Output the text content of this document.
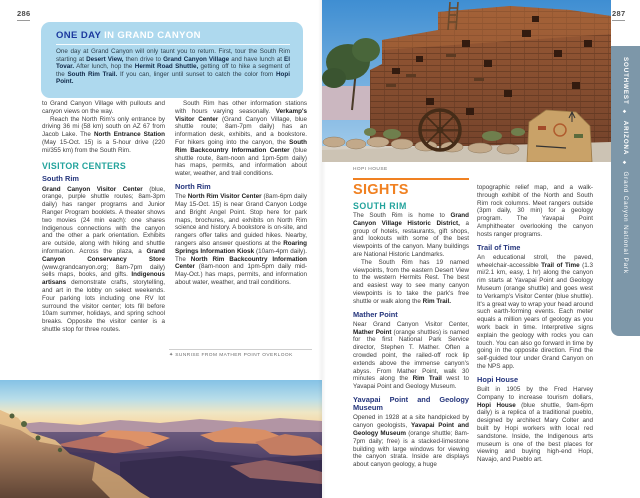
286
ONE DAY IN GRAND CANYON
One day at Grand Canyon will only taunt you to return. First, tour the South Rim starting at Desert View, then drive to Grand Canyon Village and have lunch at El Tovar. After lunch, hop the Hermit Road Shuttle, getting off to hike a segment of the South Rim Trail. If you can, linger until sunset to catch the color from Hopi Point.

to Grand Canyon Village with pullouts and canyon views on the way.

Reach the North Rim's only entrance by driving 36 mi (58 km) south on AZ 67 from Jacob Lake. The North Entrance Station (May 15-Oct. 15) is a 5-hour drive (220 mi/355 km) from the South Rim.

VISITOR CENTERS
South Rim

Grand Canyon Visitor Center (blue, orange, purple shuttle routes; 8am-3pm daily) has ranger programs and Junior Ranger Program booklets. A theater shows two movies (24 min each): one shares Indigenous connections with the canyon and the other a park orientation. Exhibits are outside, along with hiking and shuttle information. Across the plaza, a Grand Canyon Conservancy Store (www.grandcanyon.org; 8am-7pm daily) sells maps, books, and gifts. Indigenous artisans demonstrate crafts, storytelling, and art in the lobby on select weekends. Four parking lots including one RV lot surround the visitor center; lots fill before 10am summer, holidays, and spring school breaks. Opposite the visitor center is a shuttle stop for three routes.

South Rim has other information stations with hours varying seasonally. Verkamp's Visitor Center (Grand Canyon Village, blue shuttle route; 8am-7pm daily) has an information desk, exhibits, and a bookstore. For hikers going into the canyon, the South Rim Backcountry Information Center (blue shuttle route, 8am-noon and 1pm-5pm daily) has maps, permits, and information about water, weather, and trail conditions.

North Rim

The North Rim Visitor Center (8am-6pm daily May 15-Oct. 15) is near Grand Canyon Lodge and Bright Angel Point. Stop here for park maps, brochures, and exhibits on North Rim science and history. A bookstore is on-site, and rangers offer talks and guided hikes. Nearby, rangers also answer questions at the Roaring Springs Information Kiosk (10am-4pm daily). The North Rim Backcountry Information Center (8am-noon and 1pm-5pm daily mid-May-Oct.) has maps, permits, and information about water, weather, and trail conditions.

✦ SUNRISE FROM MATHER POINT OVERLOOK
HOPI HOUSE
SIGHTS
SOUTH RIM

The South Rim is home to Grand Canyon Village Historic District, a group of hotels, restaurants, gift shops, and lookouts with some of the best viewpoints of the canyon. Many buildings are National Historic Landmarks.

The South Rim has 19 named viewpoints, from the eastern Desert View to the western Hermits Rest. The best and easiest way to see many canyon viewpoints is to take the park's free shuttle or walk along the Rim Trail.

Mather Point

Near Grand Canyon Visitor Center, Mather Point (orange shuttles) is named for the first National Park Service director, Stephen T. Mather. Often a crowded point, the railed-off rock lip extends above the immense canyon's abyss. From Mather Point, walk 30 minutes along the Rim Trail west to Yavapai Point and Geology Museum.

Yavapai Point and Geology Museum

Opened in 1928 at a site handpicked by canyon geologists, Yavapai Point and Geology Museum (orange shuttle; 8am-7pm daily; free) is a stacked-limestone building with large windows for viewing the canyon strata. Inside are displays about canyon geology, a huge

topographic relief map, and a walk-through exhibit of the North and South Rim rock columns. Meet rangers outside (3pm daily, 30 min) for a geology program. The Yavapai Point Amphitheater overlooking the canyon hosts ranger programs.

Trail of Time

An educational stroll, the paved, wheelchair-accessible Trail of Time (1.3 mi/2.1 km, easy, 1 hr) along the canyon rim starts at Yavapai Point and Geology Museum (orange shuttle) and goes west to Verkamp's Visitor Center (blue shuttle). It's a great way to wrap your head around such earth-forming events. Each meter equals a million years of geology as you work back in time. Interpretive signs explain the geology with rocks you can touch. You can also go forward in time by going in the opposite direction. Find the self-guided tour under Grand Canyon on the NPS app.

Hopi House

Built in 1905 by the Fred Harvey Company to increase tourism dollars, Hopi House (blue shuttle, 9am-6pm daily) is a replica of a traditional pueblo, designed by architect Mary Colter and built by Hopi workers with local red sandstone. Inside, the Indigenous arts museum is one of the best places for viewing and buying high-end Hopi, Navajo, and Pueblo art.

287
SOUTHWEST ◆ ARIZONA ◆ Grand Canyon National Park
